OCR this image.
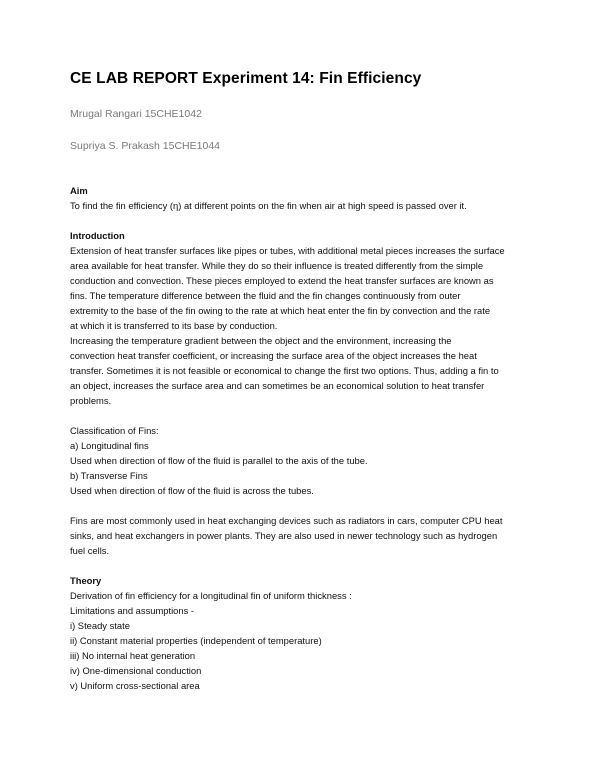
CE LAB REPORT Experiment 14: Fin Efficiency

Mrugal Rangari 15CHE1042

Supriya S. Prakash 15CHE1044

Aim

To find the fin efficiency (η) at different points on the fin when air at high speed is passed over it.

Introduction

Extension of heat transfer surfaces like pipes or tubes, with additional metal pieces increases the surface

area available for heat transfer. While they do so their influence is treated differently from the simple

conduction and convection. These pieces employed to extend the heat transfer surfaces are known as

fins. The temperature difference between the fluid and the fin changes continuously from outer

extremity to the base of the fin owing to the rate at which heat enter the fin by convection and the rate

at which it is transferred to its base by conduction.

Increasing the temperature gradient between the object and the environment, increasing the

convection heat transfer coefficient, or increasing the surface area of the object increases the heat

transfer. Sometimes it is not feasible or economical to change the first two options. Thus, adding a fin to

an object, increases the surface area and can sometimes be an economical solution to heat transfer

problems.

Classification of Fins:

a) Longitudinal fins

Used when direction of flow of the fluid is parallel to the axis of the tube.

b) Transverse Fins

Used when direction of flow of the fluid is across the tubes.

Fins are most commonly used in heat exchanging devices such as radiators in cars, computer CPU heat

sinks, and heat exchangers in power plants. They are also used in newer technology such as hydrogen

fuel cells.

Theory

Derivation of fin efficiency for a longitudinal fin of uniform thickness :

Limitations and assumptions -

i) Steady state

ii) Constant material properties (independent of temperature)

iii) No internal heat generation

iv) One-dimensional conduction

v) Uniform cross-sectional area
